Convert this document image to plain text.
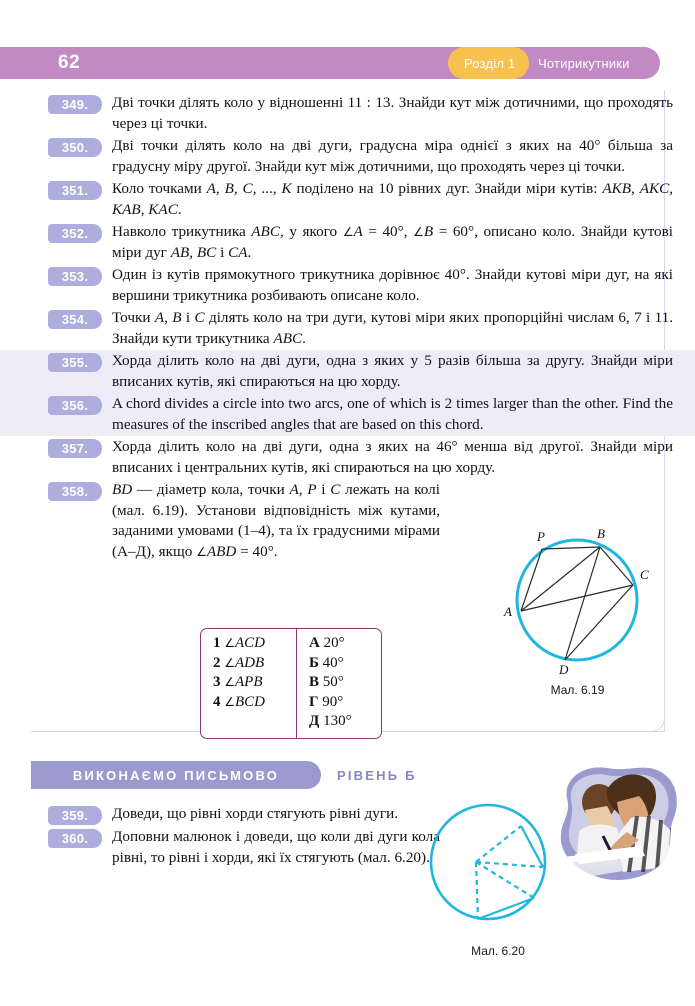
62	Розділ 1 Чотирикутники
349.	Дві точки ділять коло у відношенні 11 : 13. Знайди кут між дотичними, що проходять через ці точки.
350.	Дві точки ділять коло на дві дуги, градусна міра однієї з яких на 40° більша за градусну міру другої. Знайди кут між дотичними, що проходять через ці точки.
351.	Коло точками A, B, C, ..., K поділено на 10 рівних дуг. Знайди міри кутів: AKB, AKC, KAB, KAC.
352.	Навколо трикутника ABC, у якого ∠A = 40°, ∠B = 60°, описано коло. Знайди кутові міри дуг AB, BC і CA.
353.	Один із кутів прямокутного трикутника дорівнює 40°. Знайди кутові міри дуг, на які вершини трикутника розбивають описане коло.
354.	Точки A, B і C ділять коло на три дуги, кутові міри яких пропорційні числам 6, 7 і 11. Знайди кути трикутника ABC.
355.	Хорда ділить коло на дві дуги, одна з яких у 5 разів більша за другу. Знайди міри вписаних кутів, які спираються на цю хорду.
356.	A chord divides a circle into two arcs, one of which is 2 times larger than the other. Find the measures of the inscribed angles that are based on this chord.
357.	Хорда ділить коло на дві дуги, одна з яких на 46° менша від другої. Знайди міри вписаних і центральних кутів, які спираються на цю хорду.
358.	BD — діаметр кола, точки A, P і C лежать на колі (мал. 6.19). Установи відповідність між кутами, заданими умовами (1–4), та їх градусними мірами (А–Д), якщо ∠ABD = 40°.
P	B
C
A
D
Мал. 6.19
1 ∠ACD
2 ∠ADB
3 ∠APB
4 ∠BCD
А 20°
Б 40°
В 50°
Г 90°
Д 130°
ВИКОНАЄМО ПИСЬМОВО	РІВЕНЬ Б
359.	Доведи, що рівні хорди стягують рівні дуги.
360.	Доповни малюнок і доведи, що коли дві дуги кола рівні, то рівні і хорди, які їх стягують (мал. 6.20).
Мал. 6.20
